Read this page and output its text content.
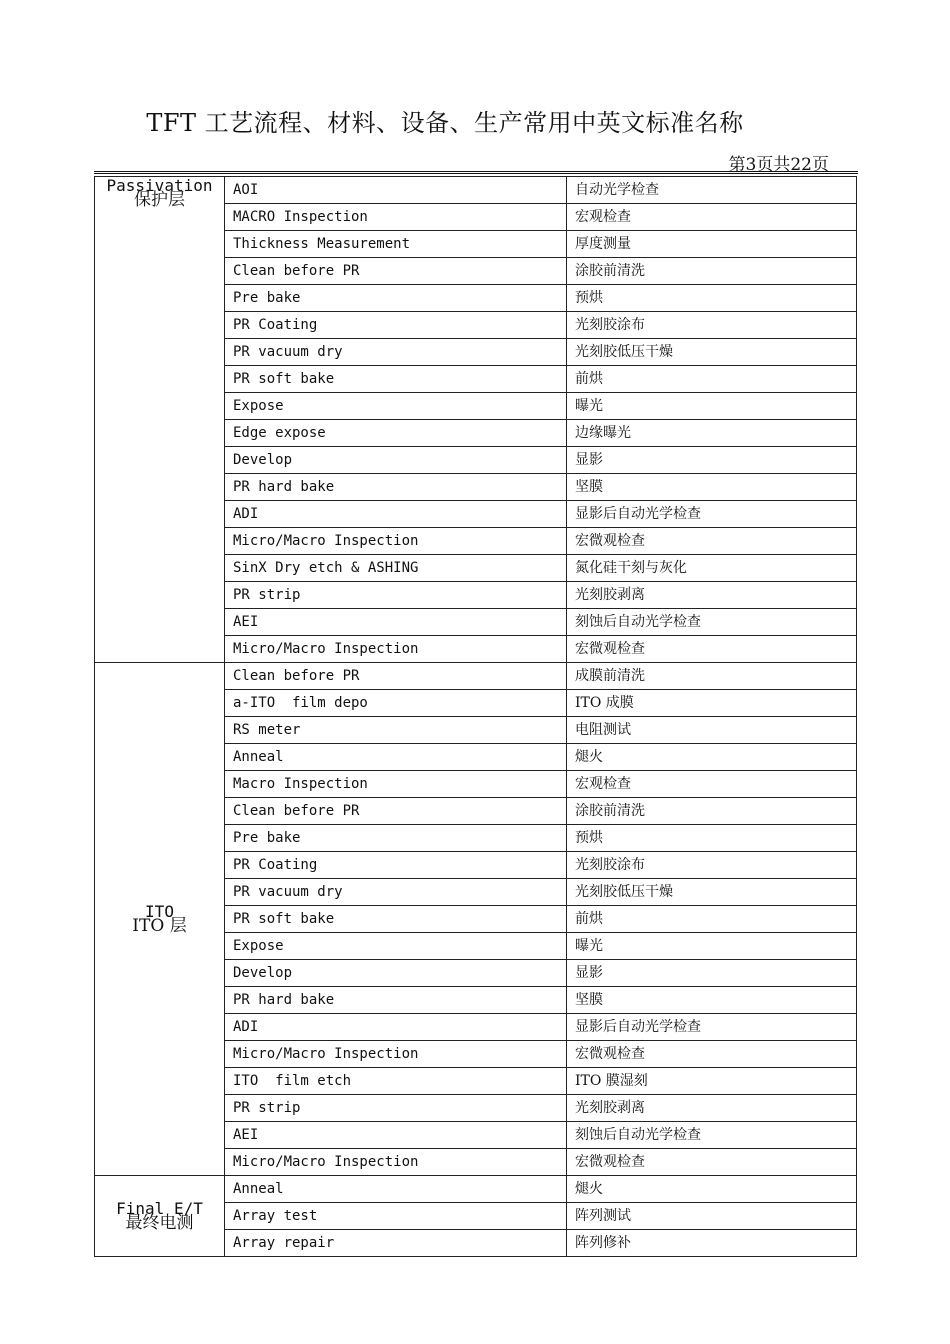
TFT 工艺流程、材料、设备、生产常用中英文标准名称
第3页共22页
Passivation
保护层	AOI	自动光学检查
	MACRO Inspection	宏观检查
	Thickness Measurement	厚度测量
	Clean before PR	涂胶前清洗
	Pre bake	预烘
	PR Coating	光刻胶涂布
	PR vacuum dry	光刻胶低压干燥
	PR soft bake	前烘
	Expose	曝光
	Edge expose	边缘曝光
	Develop	显影
	PR hard bake	坚膜
	ADI	显影后自动光学检查
	Micro/Macro Inspection	宏微观检查
	SinX Dry etch & ASHING	氮化硅干刻与灰化
	PR strip	光刻胶剥离
	AEI	刻蚀后自动光学检查
	Micro/Macro Inspection	宏微观检查

ITO
ITO 层	Clean before PR	成膜前清洗
	a-ITO  film depo	ITO 成膜
	RS meter	电阻测试
	Anneal	煺火
	Macro Inspection	宏观检查
	Clean before PR	涂胶前清洗
	Pre bake	预烘
	PR Coating	光刻胶涂布
	PR vacuum dry	光刻胶低压干燥
	PR soft bake	前烘
	Expose	曝光
	Develop	显影
	PR hard bake	坚膜
	ADI	显影后自动光学检查
	Micro/Macro Inspection	宏微观检查
	ITO  film etch	ITO 膜湿刻
	PR strip	光刻胶剥离
	AEI	刻蚀后自动光学检查
	Micro/Macro Inspection	宏微观检查

Final E/T
最终电测	Anneal	煺火
	Array test	阵列测试
	Array repair	阵列修补
